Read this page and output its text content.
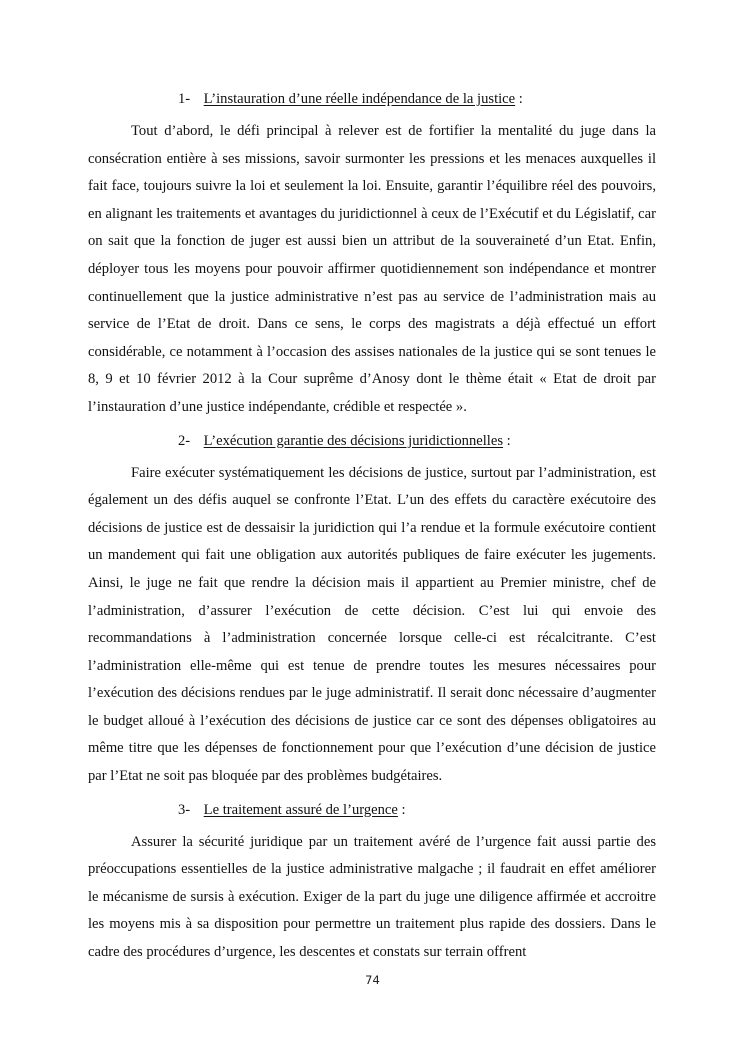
1- L’instauration d’une réelle indépendance de la justice :

Tout d’abord, le défi principal à relever est de fortifier la mentalité du juge dans la consécration entière à ses missions, savoir surmonter les pressions et les menaces auxquelles il fait face, toujours suivre la loi et seulement la loi. Ensuite, garantir l’équilibre réel des pouvoirs, en alignant les traitements et avantages du juridictionnel à ceux de l’Exécutif et du Législatif, car on sait que la fonction de juger est aussi bien un attribut de la souveraineté d’un Etat. Enfin, déployer tous les moyens pour pouvoir affirmer quotidiennement son indépendance et montrer continuellement que la justice administrative n’est pas au service de l’administration mais au service de l’Etat de droit. Dans ce sens, le corps des magistrats a déjà effectué un effort considérable, ce notamment à l’occasion des assises nationales de la justice qui se sont tenues le 8, 9 et 10 février 2012 à la Cour suprême d’Anosy dont le thème était « Etat de droit par l’instauration d’une justice indépendante, crédible et respectée ».

2- L’exécution garantie des décisions juridictionnelles :

Faire exécuter systématiquement les décisions de justice, surtout par l’administration, est également un des défis auquel se confronte l’Etat. L’un des effets du caractère exécutoire des décisions de justice est de dessaisir la juridiction qui l’a rendue et la formule exécutoire contient un mandement qui fait une obligation aux autorités publiques de faire exécuter les jugements. Ainsi, le juge ne fait que rendre la décision mais il appartient au Premier ministre, chef de l’administration, d’assurer l’exécution de cette décision. C’est lui qui envoie des recommandations à l’administration concernée lorsque celle-ci est récalcitrante. C’est l’administration elle-même qui est tenue de prendre toutes les mesures nécessaires pour l’exécution des décisions rendues par le juge administratif. Il serait donc nécessaire d’augmenter le budget alloué à l’exécution des décisions de justice car ce sont des dépenses obligatoires au même titre que les dépenses de fonctionnement pour que l’exécution d’une décision de justice par l’Etat ne soit pas bloquée par des problèmes budgétaires.

3- Le traitement assuré de l’urgence :

Assurer la sécurité juridique par un traitement avéré de l’urgence fait aussi partie des préoccupations essentielles de la justice administrative malgache ; il faudrait en effet améliorer le mécanisme de sursis à exécution. Exiger de la part du juge une diligence affirmée et accroitre les moyens mis à sa disposition pour permettre un traitement plus rapide des dossiers. Dans le cadre des procédures d’urgence, les descentes et constats sur terrain offrent

74
